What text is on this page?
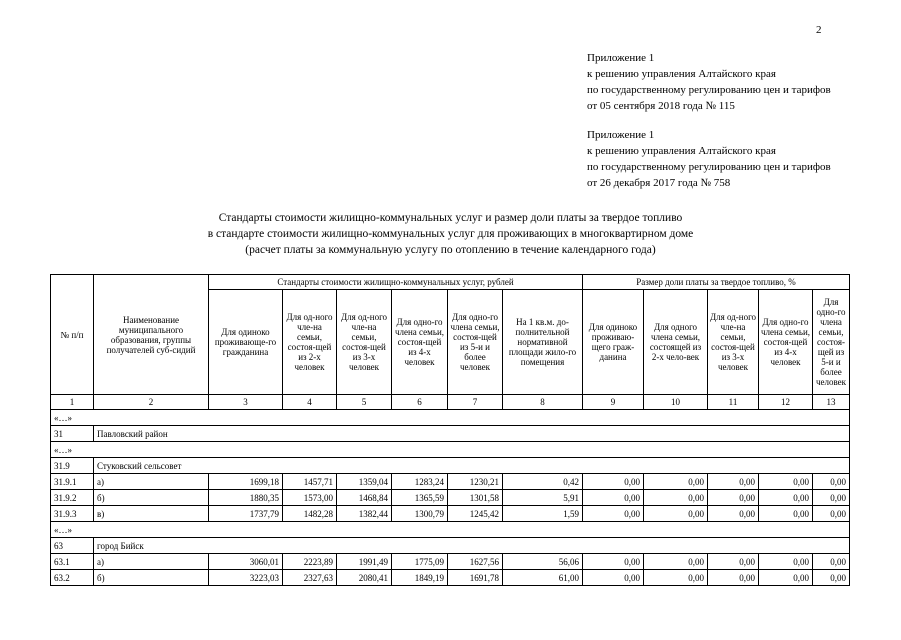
2
Приложение 1
к решению управления Алтайского края
по государственному регулированию цен и тарифов
от 05 сентября 2018 года № 115
Приложение 1
к решению управления Алтайского края
по государственному регулированию цен и тарифов
от 26 декабря 2017 года № 758
Стандарты стоимости жилищно-коммунальных услуг и размер доли платы за твердое топливо
в стандарте стоимости жилищно-коммунальных услуг для проживающих в многоквартирном доме
(расчет платы за коммунальную услугу по отоплению в течение календарного года)
№ п/п	Наименование муниципального образования, группы получателей суб-сидий	Стандарты стоимости жилищно-коммунальных услуг, рублей						Размер доли платы за твердое топливо, %				
		Для одиноко проживающе-го гражданина	Для од-ного чле-на семьи, состоя-щей из 2-х человек	Для од-ного чле-на семьи, состоя-щей из 3-х человек	Для одно-го члена семьи, состоя-щей из 4-х человек	Для одно-го члена семьи, состоя-щей из 5-и и более человек	На 1 кв.м. до-полнительной нормативной площади жило-го помещения	Для одиноко проживаю-щего граж-данина	Для одного члена семьи, состоящей из 2-х чело-век	Для од-ного чле-на семьи, состоя-щей из 3-х человек	Для одно-го члена семьи, состоя-щей из 4-х человек	Для одно-го члена семьи, состоя-щей из 5-и и более человек
1	2	3	4	5	6	7	8	9	10	11	12	13
«…»												
31	Павловский район											
«…»												
31.9	Стуковский сельсовет											
31.9.1	а)	1699,18	1457,71	1359,04	1283,24	1230,21	0,42	0,00	0,00	0,00	0,00	0,00
31.9.2	б)	1880,35	1573,00	1468,84	1365,59	1301,58	5,91	0,00	0,00	0,00	0,00	0,00
31.9.3	в)	1737,79	1482,28	1382,44	1300,79	1245,42	1,59	0,00	0,00	0,00	0,00	0,00
«…»												
63	город Бийск											
63.1	а)	3060,01	2223,89	1991,49	1775,09	1627,56	56,06	0,00	0,00	0,00	0,00	0,00
63.2	б)	3223,03	2327,63	2080,41	1849,19	1691,78	61,00	0,00	0,00	0,00	0,00	0,00
